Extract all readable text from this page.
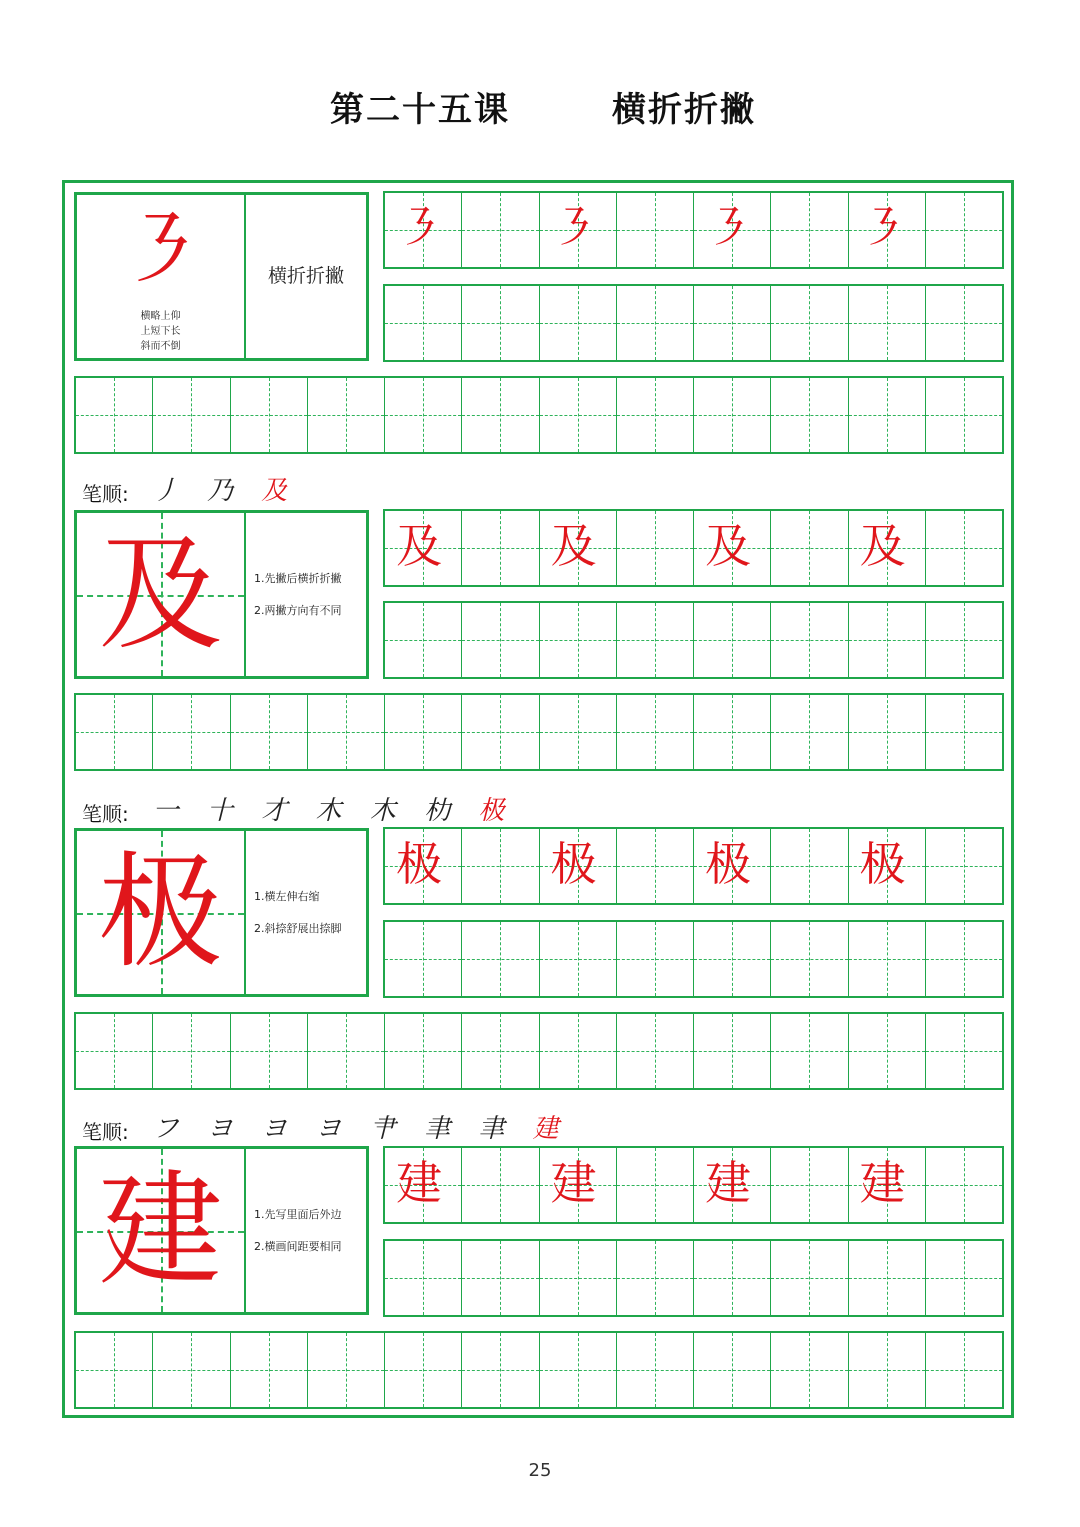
第二十五课	横折折撇
㇋
横略上仰
上短下长
斜而不倒
横折折撇
㇋	㇋	㇋	㇋
笔顺: 丿 乃 及
及	1.先撇后横折折撇
2.两撇方向有不同
及	及	及	及
笔顺: 一 十 才 木 木 朸 极
极	1.横左伸右缩
2.斜捺舒展出捺脚
极	极	极	极
笔顺: フ ヨ ヨ ヨ 肀 聿 聿 建
建	1.先写里面后外边
2.横画间距要相同
建	建	建	建
25
